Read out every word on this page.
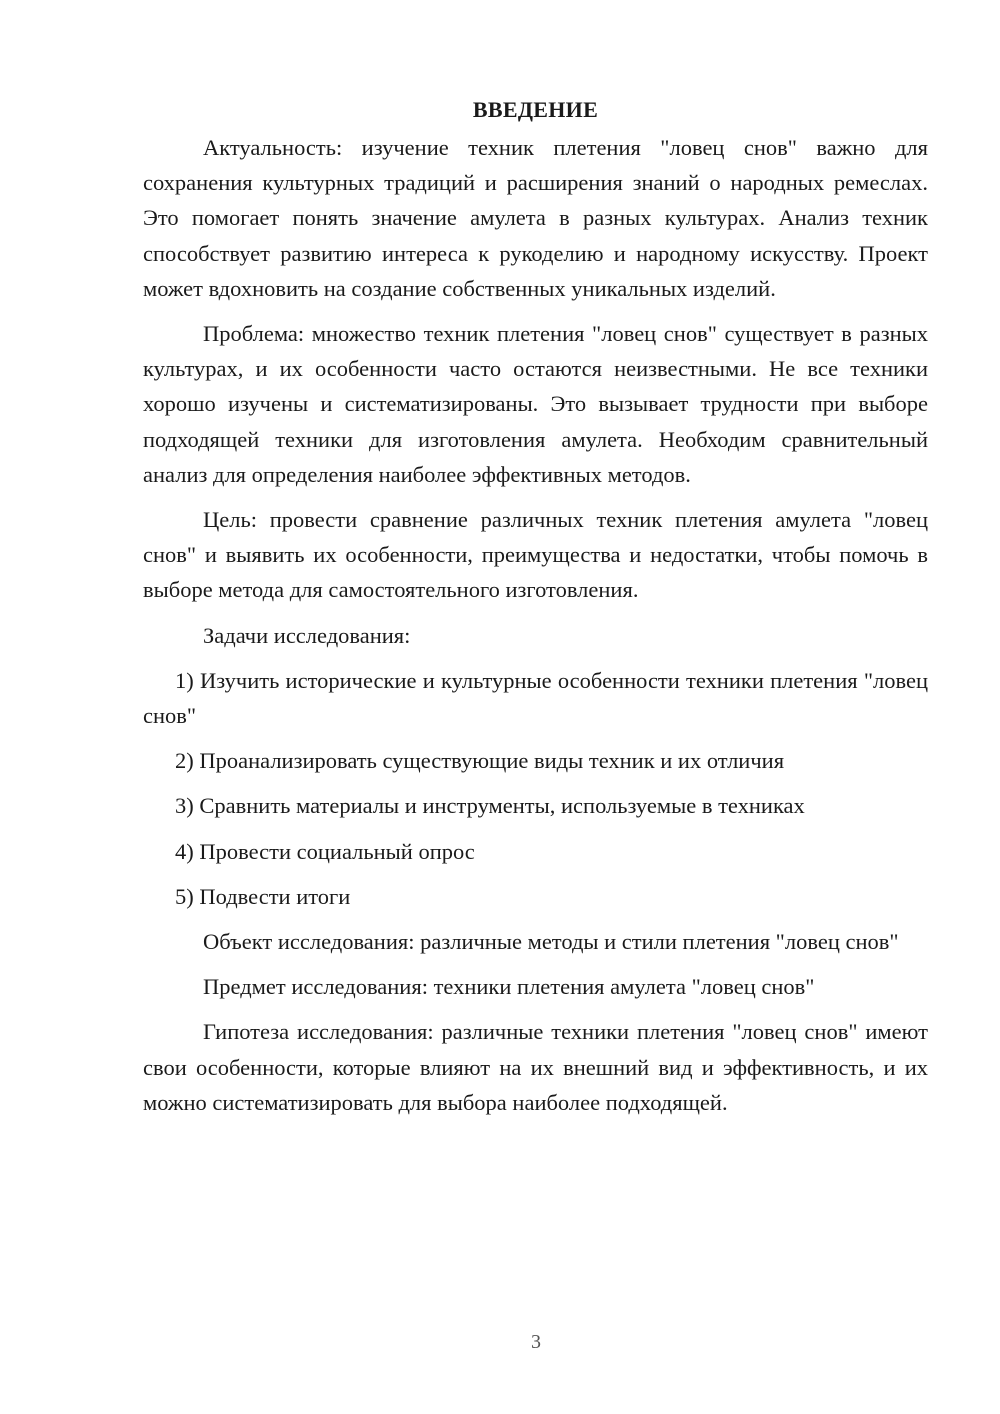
ВВЕДЕНИЕ

Актуальность: изучение техник плетения "ловец снов" важно для сохранения культурных традиций и расширения знаний о народных ремеслах. Это помогает понять значение амулета в разных культурах. Анализ техник способствует развитию интереса к рукоделию и народному искусству. Проект может вдохновить на создание собственных уникальных изделий.

Проблема: множество техник плетения "ловец снов" существует в разных культурах, и их особенности часто остаются неизвестными. Не все техники хорошо изучены и систематизированы. Это вызывает трудности при выборе подходящей техники для изготовления амулета. Необходим сравнительный анализ для определения наиболее эффективных методов.

Цель: провести сравнение различных техник плетения амулета "ловец снов" и выявить их особенности, преимущества и недостатки, чтобы помочь в выборе метода для самостоятельного изготовления.

Задачи исследования:

1) Изучить исторические и культурные особенности техники плетения "ловец снов"

2) Проанализировать существующие виды техник и их отличия

3) Сравнить материалы и инструменты, используемые в техниках

4) Провести социальный опрос

5) Подвести итоги

Объект исследования: различные методы и стили плетения "ловец снов"

Предмет исследования: техники плетения амулета "ловец снов"

Гипотеза исследования: различные техники плетения "ловец снов" имеют свои особенности, которые влияют на их внешний вид и эффективность, и их можно систематизировать для выбора наиболее подходящей.

3
